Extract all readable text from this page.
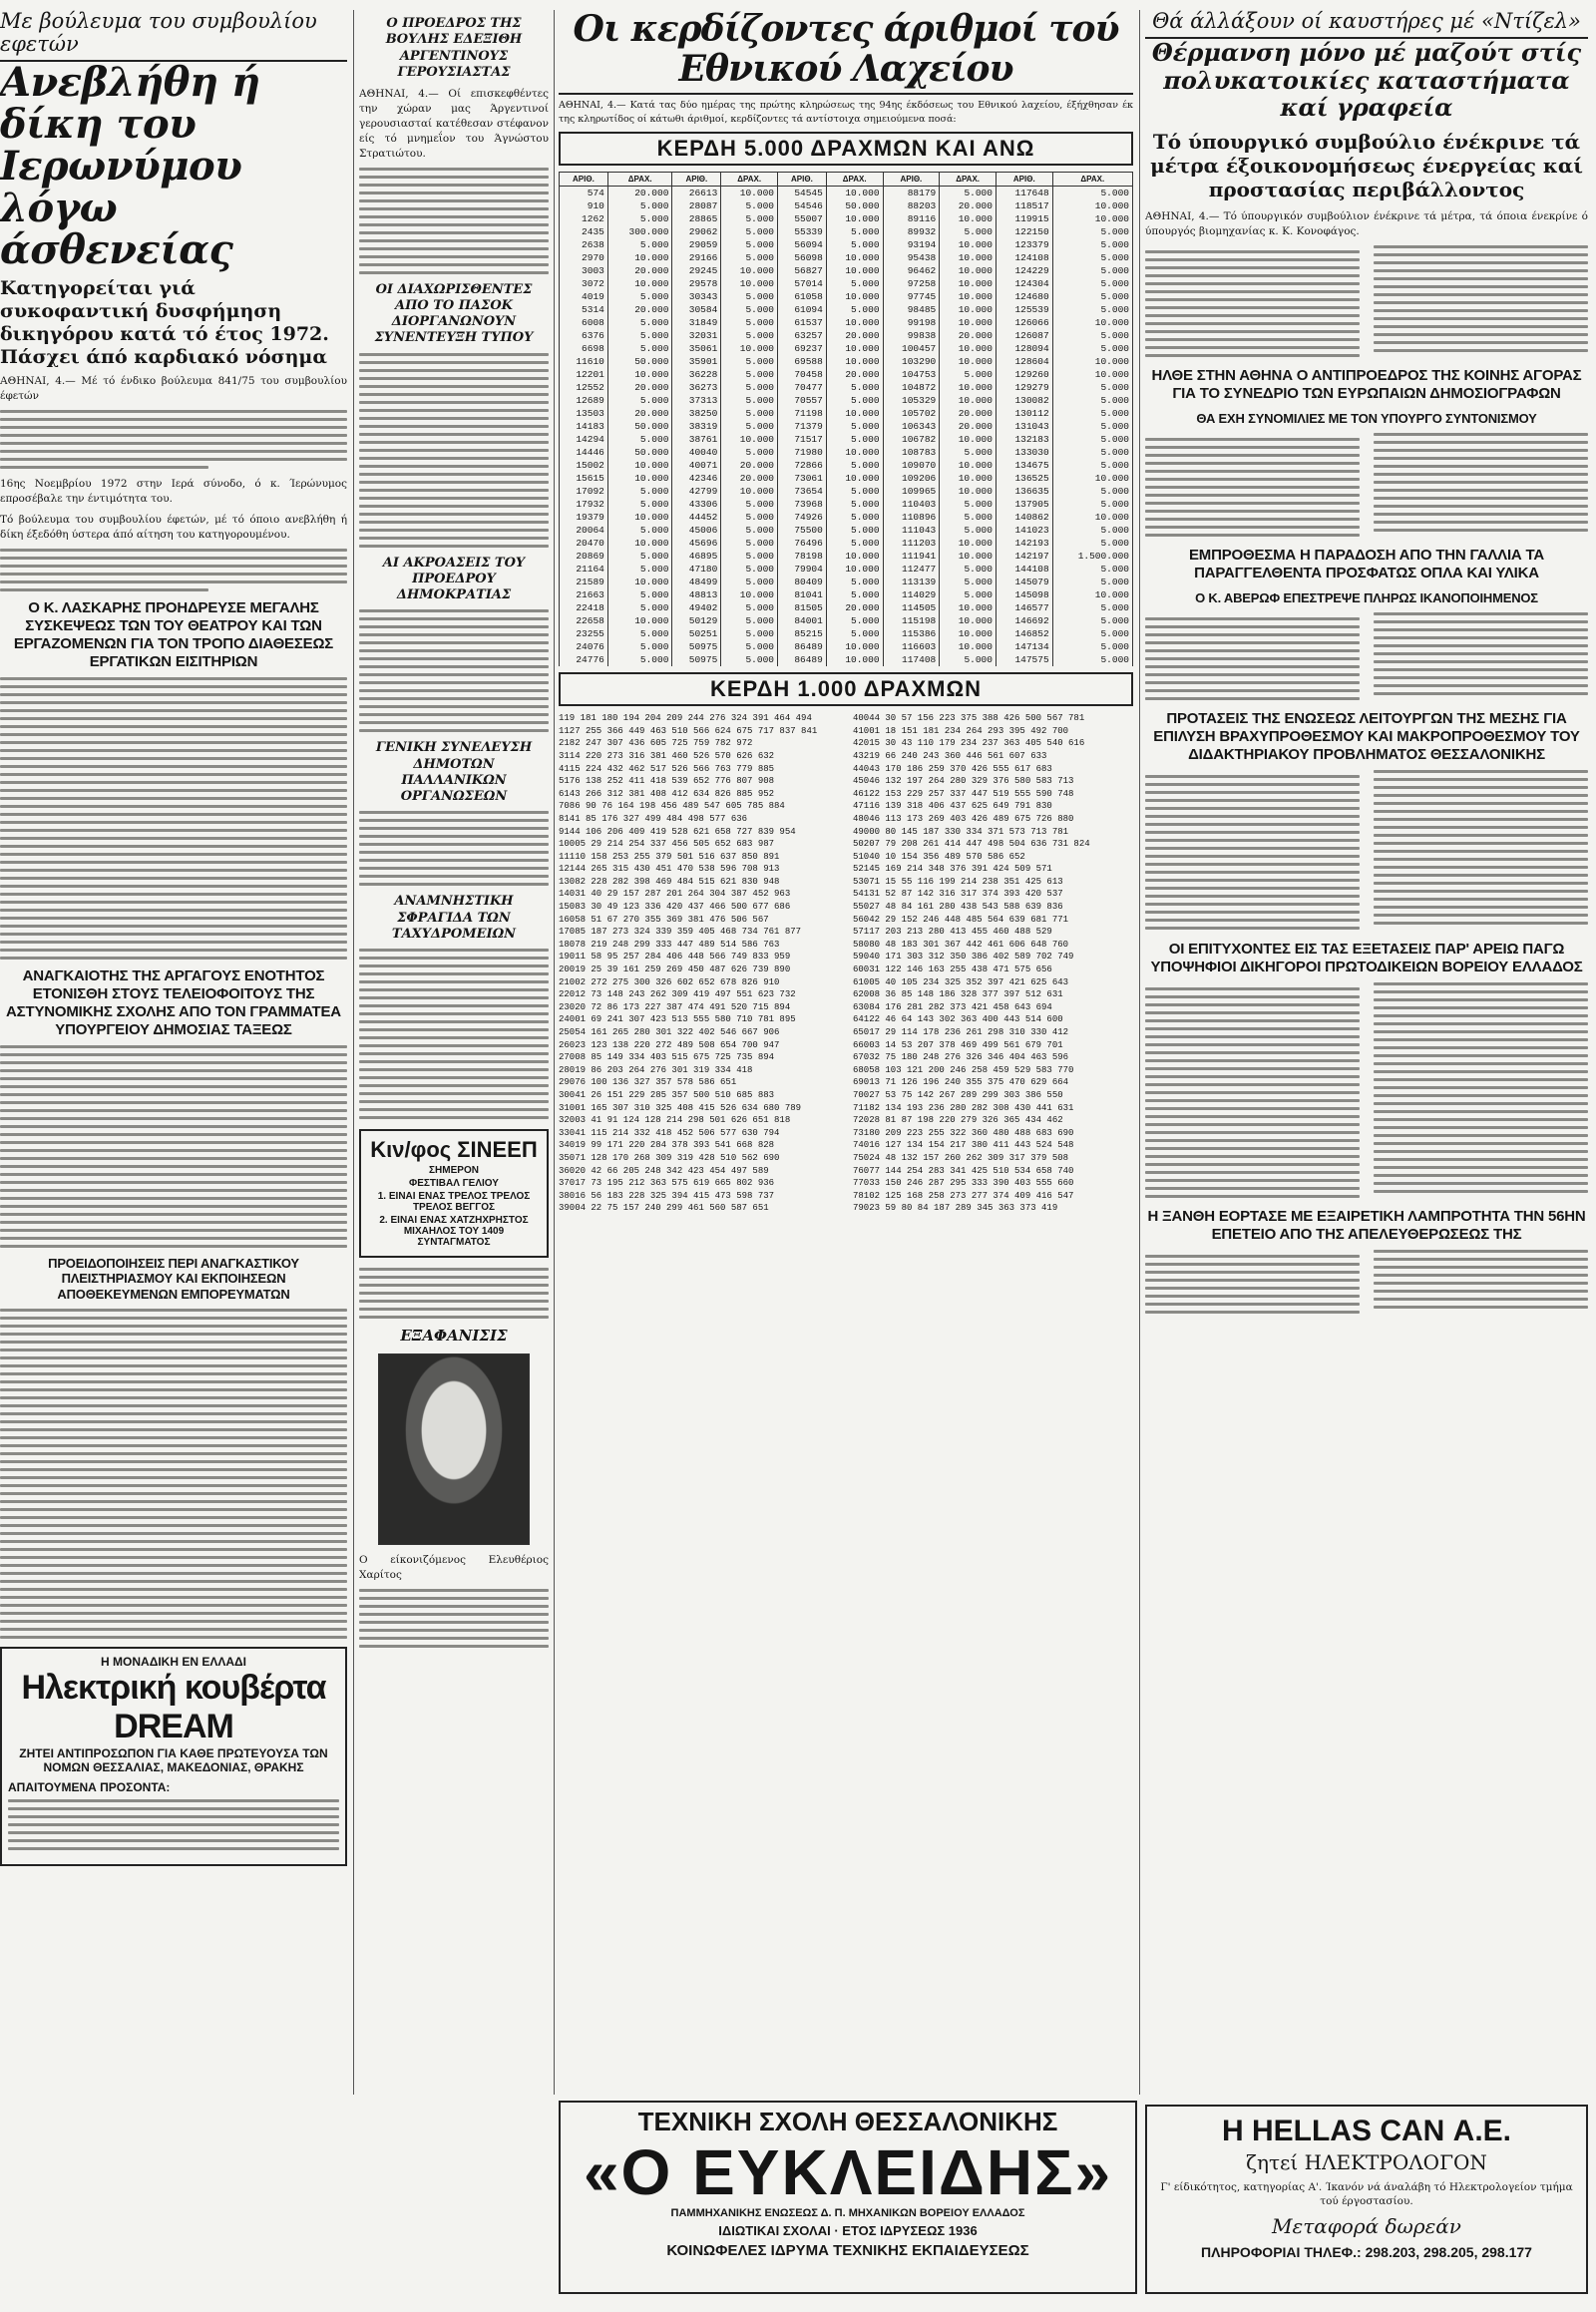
Με βούλευμα του συμβουλίου εφετών
Ανεβλήθη ή δίκη του Ιερωνύμου λόγω άσθενείας
Κατηγορείται γιά συκοφαντική δυσφήμηση δικηγόρου κατά τό έτος 1972. Πάσχει άπό καρδιακό νόσημα

ΑΘΗΝΑΙ, 4.— Μέ τό ένδικο βούλευμα 841/75 του συμβουλίου έφετών

16ης Νοεμβρίου 1972 στην Ιερά σύνοδο, ό κ. Ίερώνυμος επροσέβαλε την έντιμότητα του.

Τό βούλευμα του συμβουλίου έφετών, μέ τό όποιο ανεβλήθη ή δίκη έξεδόθη ύστερα άπό αίτηση του κατηγορουμένου.

Ο Κ. ΛΑΣΚΑΡΗΣ ΠΡΟΗΔΡΕΥΣΕ ΜΕΓΑΛΗΣ ΣΥΣΚΕΨΕΩΣ ΤΩΝ ΤΟΥ ΘΕΑΤΡΟΥ ΚΑΙ ΤΩΝ ΕΡΓΑΖΟΜΕΝΩΝ ΓΙΑ ΤΟΝ ΤΡΟΠΟ ΔΙΑΘΕΣΕΩΣ ΕΡΓΑΤΙΚΩΝ ΕΙΣΙΤΗΡΙΩΝ
ΑΝΑΓΚΑΙΟΤΗΣ ΤΗΣ ΑΡΓΑΓΟΥΣ ΕΝΟΤΗΤΟΣ ΕΤΟΝΙΣΘΗ ΣΤΟΥΣ ΤΕΛΕΙΟΦΟΙΤΟΥΣ ΤΗΣ ΑΣΤΥΝΟΜΙΚΗΣ ΣΧΟΛΗΣ ΑΠΟ ΤΟΝ ΓΡΑΜΜΑΤΕΑ ΥΠΟΥΡΓΕΙΟΥ ΔΗΜΟΣΙΑΣ ΤΑΞΕΩΣ
ΠΡΟΕΙΔΟΠΟΙΗΣΕΙΣ ΠΕΡΙ ΑΝΑΓΚΑΣΤΙΚΟΥ ΠΛΕΙΣΤΗΡΙΑΣΜΟΥ ΚΑΙ ΕΚΠΟΙΗΣΕΩΝ ΑΠΟΘΕΚΕΥΜΕΝΩΝ ΕΜΠΟΡΕΥΜΑΤΩΝ
Η ΜΟΝΑΔΙΚΗ ΕΝ ΕΛΛΑΔΙ
Ηλεκτρική κουβέρτα DREAM
ΖΗΤΕΙ ΑΝΤΙΠΡΟΣΩΠΟΝ ΓΙΑ ΚΑΘΕ ΠΡΩΤΕΥΟΥΣΑ ΤΩΝ ΝΟΜΩΝ ΘΕΣΣΑΛΙΑΣ, ΜΑΚΕΔΟΝΙΑΣ, ΘΡΑΚΗΣ
ΑΠΑΙΤΟΥΜΕΝΑ ΠΡΟΣΟΝΤΑ:
Ο ΠΡΟΕΔΡΟΣ ΤΗΣ ΒΟΥΛΗΣ ΕΔΕΞΙΘΗ ΑΡΓΕΝΤΙΝΟΥΣ ΓΕΡΟΥΣΙΑΣΤΑΣ

ΑΘΗΝΑΙ, 4.— Οί επισκεφθέντες την χώραν μας Άργεντινοί γερουσιασταί κατέθεσαν στέφανον είς τό μνημεΐον του Άγνώστου Στρατιώτου.

ΟΙ ΔΙΑΧΩΡΙΣΘΕΝΤΕΣ ΑΠΟ ΤΟ ΠΑΣΟΚ ΔΙΟΡΓΑΝΩΝΟΥΝ ΣΥΝΕΝΤΕΥΞΗ ΤΥΠΟΥ
ΑΙ ΑΚΡΟΑΣΕΙΣ ΤΟΥ ΠΡΟΕΔΡΟΥ ΔΗΜΟΚΡΑΤΙΑΣ
ΓΕΝΙΚΗ ΣΥΝΕΛΕΥΣΗ ΔΗΜΟΤΩΝ ΠΑΛΛΑΝΙΚΩΝ ΟΡΓΑΝΩΣΕΩΝ
ΑΝΑΜΝΗΣΤΙΚΗ ΣΦΡΑΓΙΔΑ ΤΩΝ ΤΑΧΥΔΡΟΜΕΙΩΝ
Κιν/φος ΣΙΝΕΕΠ

ΣΗΜΕΡΟΝ

ΦΕΣΤΙΒΑΛ ΓΕΛΙΟΥ

1. ΕΙΝΑΙ ΕΝΑΣ ΤΡΕΛΟΣ ΤΡΕΛΟΣ ΤΡΕΛΟΣ ΒΕΓΓΟΣ

2. ΕΙΝΑΙ ΕΝΑΣ ΧΑΤΖΗΧΡΗΣΤΟΣ ΜΙΧΑΗΛΟΣ ΤΟΥ 1409 ΣΥΝΤΑΓΜΑΤΟΣ

ΕΞΑΦΑΝΙΣΙΣ

Ο είκονιζόμενος Ελευθέριος Χαρίτος

Οι κερδίζοντες άριθμοί τού Εθνικού Λαχείου

ΑΘΗΝΑΙ, 4.— Κατά τας δύο ημέρας της πρώτης κληρώσεως της 94ης έκδόσεως του Εθνικού λαχείου, έξήχθησαν έκ της κληρωτίδος οί κάτωθι άριθμοί, κερδίζοντες τά αντίστοιχα σημειούμενα ποσά:

ΚΕΡΔΗ 5.000 ΔΡΑΧΜΩΝ ΚΑΙ ΑΝΩ
ΑΡΙΘ.	ΔΡΑΧ.	ΑΡΙΘ.	ΔΡΑΧ.	ΑΡΙΘ.	ΔΡΑΧ.	ΑΡΙΘ.	ΔΡΑΧ.	ΑΡΙΘ.	ΔΡΑΧ.
574	20.000	26613	10.000	54545	10.000	88179	5.000	117648	5.000
910	5.000	28087	5.000	54546	50.000	88203	20.000	118517	10.000
1262	5.000	28865	5.000	55007	10.000	89116	10.000	119915	10.000
2435	300.000	29062	5.000	55339	5.000	89932	5.000	122150	5.000
2638	5.000	29059	5.000	56094	5.000	93194	10.000	123379	5.000
2970	10.000	29166	5.000	56098	10.000	95438	10.000	124108	5.000
3003	20.000	29245	10.000	56827	10.000	96462	10.000	124229	5.000
3072	10.000	29578	10.000	57014	5.000	97258	10.000	124304	5.000
4019	5.000	30343	5.000	61058	10.000	97745	10.000	124680	5.000
5314	20.000	30584	5.000	61094	5.000	98485	10.000	125539	5.000
6008	5.000	31849	5.000	61537	10.000	99198	10.000	126066	10.000
6376	5.000	32031	5.000	63257	20.000	99838	20.000	126087	5.000
6698	5.000	35061	10.000	69237	10.000	100457	10.000	128094	5.000
11610	50.000	35901	5.000	69588	10.000	103290	10.000	128604	10.000
12201	10.000	36228	5.000	70458	20.000	104753	5.000	129260	10.000
12552	20.000	36273	5.000	70477	5.000	104872	10.000	129279	5.000
12689	5.000	37313	5.000	70557	5.000	105329	10.000	130082	5.000
13503	20.000	38250	5.000	71198	10.000	105702	20.000	130112	5.000
14183	50.000	38319	5.000	71379	5.000	106343	20.000	131043	5.000
14294	5.000	38761	10.000	71517	5.000	106782	10.000	132183	5.000
14446	50.000	40040	5.000	71980	10.000	108783	5.000	133030	5.000
15002	10.000	40071	20.000	72866	5.000	109070	10.000	134675	5.000
15615	10.000	42346	20.000	73061	10.000	109206	10.000	136525	10.000
17092	5.000	42799	10.000	73654	5.000	109965	10.000	136635	5.000
17932	5.000	43306	5.000	73968	5.000	110403	5.000	137905	5.000
19379	10.000	44452	5.000	74926	5.000	110896	5.000	140862	10.000
20064	5.000	45006	5.000	75500	5.000	111043	5.000	141023	5.000
20470	10.000	45696	5.000	76496	5.000	111203	10.000	142193	5.000
20869	5.000	46895	5.000	78198	10.000	111941	10.000	142197	1.500.000
21164	5.000	47180	5.000	79904	10.000	112477	5.000	144108	5.000
21589	10.000	48499	5.000	80409	5.000	113139	5.000	145079	5.000
21663	5.000	48813	10.000	81041	5.000	114029	5.000	145098	10.000
22418	5.000	49402	5.000	81505	20.000	114505	10.000	146577	5.000
22658	10.000	50129	5.000	84001	5.000	115198	10.000	146692	5.000
23255	5.000	50251	5.000	85215	5.000	115386	10.000	146852	5.000
24076	5.000	50975	5.000	86489	10.000	116603	10.000	147134	5.000
24776	5.000	50975	5.000	86489	10.000	117408	5.000	147575	5.000
ΚΕΡΔΗ 1.000 ΔΡΑΧΜΩΝ
119 181 180 194 204 209 244 276 324 391 464 494
1127 255 366 449 463 510 566 624 675 717 837 841
2182 247 307 436 605 725 759 782 972
3114 220 273 316 381 460 526 570 626 632
4115 224 432 462 517 526 566 763 779 885
5176 138 252 411 418 539 652 776 807 908
6143 266 312 381 408 412 634 826 885 952
7086 90 76 164 198 456 489 547 605 785 884
8141 85 176 327 499 484 498 577 636
9144 106 206 409 419 528 621 658 727 839 954
10005 29 214 254 337 456 505 652 683 987
11110 158 253 255 379 501 516 637 850 891
12144 265 315 430 451 470 538 596 708 913
13082 228 282 398 469 484 515 621 830 948
14031 40 29 157 287 201 264 304 387 452 963
15083 30 49 123 336 420 437 466 500 677 686
16058 51 67 270 355 369 381 476 506 567
17085 187 273 324 339 359 405 468 734 761 877
18078 219 248 299 333 447 489 514 586 763
19011 58 95 257 284 406 448 566 749 833 959
20019 25 39 161 259 269 450 487 626 739 890
21002 272 275 300 326 602 652 678 826 910
22012 73 148 243 262 309 419 497 551 623 732
23020 72 86 173 227 387 474 491 520 715 894
24001 69 241 307 423 513 555 580 710 781 895
25054 161 265 280 301 322 402 546 667 906
26023 123 138 220 272 489 508 654 700 947
27008 85 149 334 403 515 675 725 735 894
28019 86 203 264 276 301 319 334 418
29076 100 136 327 357 578 586 651
30041 26 151 229 285 357 500 510 685 883
31001 165 307 310 325 408 415 526 634 680 789
32003 41 91 124 128 214 298 501 626 651 818
33041 115 214 332 418 452 506 577 630 794
34019 99 171 220 284 378 393 541 668 828
35071 128 170 268 309 319 428 510 562 690
36020 42 66 205 248 342 423 454 497 589
37017 73 195 212 363 575 619 665 802 936
38016 56 183 228 325 394 415 473 598 737
39004 22 75 157 240 299 461 560 587 651
40044 30 57 156 223 375 388 426 500 567 781
41001 18 151 181 234 264 293 395 492 700
42015 30 43 110 179 234 237 363 405 540 616
43219 66 240 243 360 446 561 607 633
44043 170 186 259 370 426 555 617 683
45046 132 197 264 280 329 376 580 583 713
46122 153 229 257 337 447 519 555 590 748
47116 139 318 406 437 625 649 791 830
48046 113 173 269 403 426 489 675 726 880
49000 80 145 187 330 334 371 573 713 781
50207 79 208 261 414 447 498 504 636 731 824
51040 10 154 356 489 570 586 652
52145 169 214 348 376 391 424 509 571
53071 15 55 116 199 214 238 351 425 613
54131 52 87 142 316 317 374 393 420 537
55027 48 84 161 280 438 543 588 639 836
56042 29 152 246 448 485 564 639 681 771
57117 203 213 280 413 455 460 488 529
58080 48 183 301 367 442 461 606 648 760
59040 171 303 312 350 386 402 589 702 749
60031 122 146 163 255 438 471 575 656
61005 40 105 234 325 352 397 421 625 643
62008 36 85 148 186 328 377 397 512 631
63084 176 281 282 373 421 458 643 694
64122 46 64 143 302 363 400 443 514 600
65017 29 114 178 236 261 298 310 330 412
66003 14 53 207 378 469 499 561 679 701
67032 75 180 248 276 326 346 404 463 596
68058 103 121 200 246 258 459 529 583 770
69013 71 126 196 240 355 375 470 629 664
70027 53 75 142 267 289 299 303 386 550
71182 134 193 236 280 282 308 430 441 631
72028 81 87 198 220 279 326 365 434 462
73180 209 223 255 322 360 480 488 683 690
74016 127 134 154 217 380 411 443 524 548
75024 48 132 157 260 262 309 317 379 508
76077 144 254 283 341 425 510 534 658 740
77033 150 246 287 295 333 390 403 555 660
78102 125 168 258 273 277 374 409 416 547
79023 59 80 84 187 289 345 363 373 419
Θά άλλάξουν οί καυστήρες μέ «Ντίζελ»
Θέρμανση μόνο μέ μαζούτ στίς πολυκατοικίες καταστήματα καί γραφεία
Τό ύπουργικό συμβούλιο ένέκρινε τά μέτρα έξοικονομήσεως ένεργείας καί προστασίας περιβάλλοντος

ΑΘΗΝΑΙ, 4.— Τό ύπουργικόν συμβούλιον ένέκρινε τά μέτρα, τά όποια ένεκρίνε ό ύπουργός βιομηχανίας κ. Κ. Κονοφάγος.

ΗΛΘΕ ΣΤΗΝ ΑΘΗΝΑ Ο ΑΝΤΙΠΡΟΕΔΡΟΣ ΤΗΣ ΚΟΙΝΗΣ ΑΓΟΡΑΣ ΓΙΑ ΤΟ ΣΥΝΕΔΡΙΟ ΤΩΝ ΕΥΡΩΠΑΙΩΝ ΔΗΜΟΣΙΟΓΡΑΦΩΝ
ΘΑ ΕΧΗ ΣΥΝΟΜΙΛΙΕΣ ΜΕ ΤΟΝ ΥΠΟΥΡΓΟ ΣΥΝΤΟΝΙΣΜΟΥ
ΕΜΠΡΟΘΕΣΜΑ Η ΠΑΡΑΔΟΣΗ ΑΠΟ ΤΗΝ ΓΑΛΛΙΑ ΤΑ ΠΑΡΑΓΓΕΛΘΕΝΤΑ ΠΡΟΣΦΑΤΩΣ ΟΠΛΑ ΚΑΙ ΥΛΙΚΑ
Ο Κ. ΑΒΕΡΩΦ ΕΠΕΣΤΡΕΨΕ ΠΛΗΡΩΣ ΙΚΑΝΟΠΟΙΗΜΕΝΟΣ
ΠΡΟΤΑΣΕΙΣ ΤΗΣ ΕΝΩΣΕΩΣ ΛΕΙΤΟΥΡΓΩΝ ΤΗΣ ΜΕΣΗΣ ΓΙΑ ΕΠΙΛΥΣΗ ΒΡΑΧΥΠΡΟΘΕΣΜΟΥ ΚΑΙ ΜΑΚΡΟΠΡΟΘΕΣΜΟΥ ΤΟΥ ΔΙΔΑΚΤΗΡΙΑΚΟΥ ΠΡΟΒΛΗΜΑΤΟΣ ΘΕΣΣΑΛΟΝΙΚΗΣ
ΟΙ ΕΠΙΤΥΧΟΝΤΕΣ ΕΙΣ ΤΑΣ ΕΞΕΤΑΣΕΙΣ ΠΑΡ' ΑΡΕΙΩ ΠΑΓΩ ΥΠΟΨΗΦΙΟΙ ΔΙΚΗΓΟΡΟΙ ΠΡΩΤΟΔΙΚΕΙΩΝ ΒΟΡΕΙΟΥ ΕΛΛΑΔΟΣ
Η ΞΑΝΘΗ ΕΟΡΤΑΣΕ ΜΕ ΕΞΑΙΡΕΤΙΚΗ ΛΑΜΠΡΟΤΗΤΑ ΤΗΝ 56ΗΝ ΕΠΕΤΕΙΟ ΑΠΟ ΤΗΣ ΑΠΕΛΕΥΘΕΡΩΣΕΩΣ ΤΗΣ
ΤΕΧΝΙΚΗ ΣΧΟΛΗ ΘΕΣΣΑΛΟΝΙΚΗΣ
«Ο ΕΥΚΛΕΙΔΗΣ»
ΠΑΜΜΗΧΑΝΙΚΗΣ ΕΝΩΣΕΩΣ Δ. Π. ΜΗΧΑΝΙΚΩΝ ΒΟΡΕΙΟΥ ΕΛΛΑΔΟΣ
ΙΔΙΩΤΙΚΑΙ ΣΧΟΛΑΙ · ΕΤΟΣ ΙΔΡΥΣΕΩΣ 1936
ΚΟΙΝΩΦΕΛΕΣ ΙΔΡΥΜΑ ΤΕΧΝΙΚΗΣ ΕΚΠΑΙΔΕΥΣΕΩΣ
Η HELLAS CAN Α.Ε.
ζητεί ΗΛΕΚΤΡΟΛΟΓΟΝ
Γ' είδικότητος, κατηγορίας Α'. Ίκανόν νά άναλάβη τό Ηλεκτρολογείον τμήμα τού έργοστασίου.
Μεταφορά δωρεάν
ΠΛΗΡΟΦΟΡΙΑΙ ΤΗΛΕΦ.: 298.203, 298.205, 298.177
